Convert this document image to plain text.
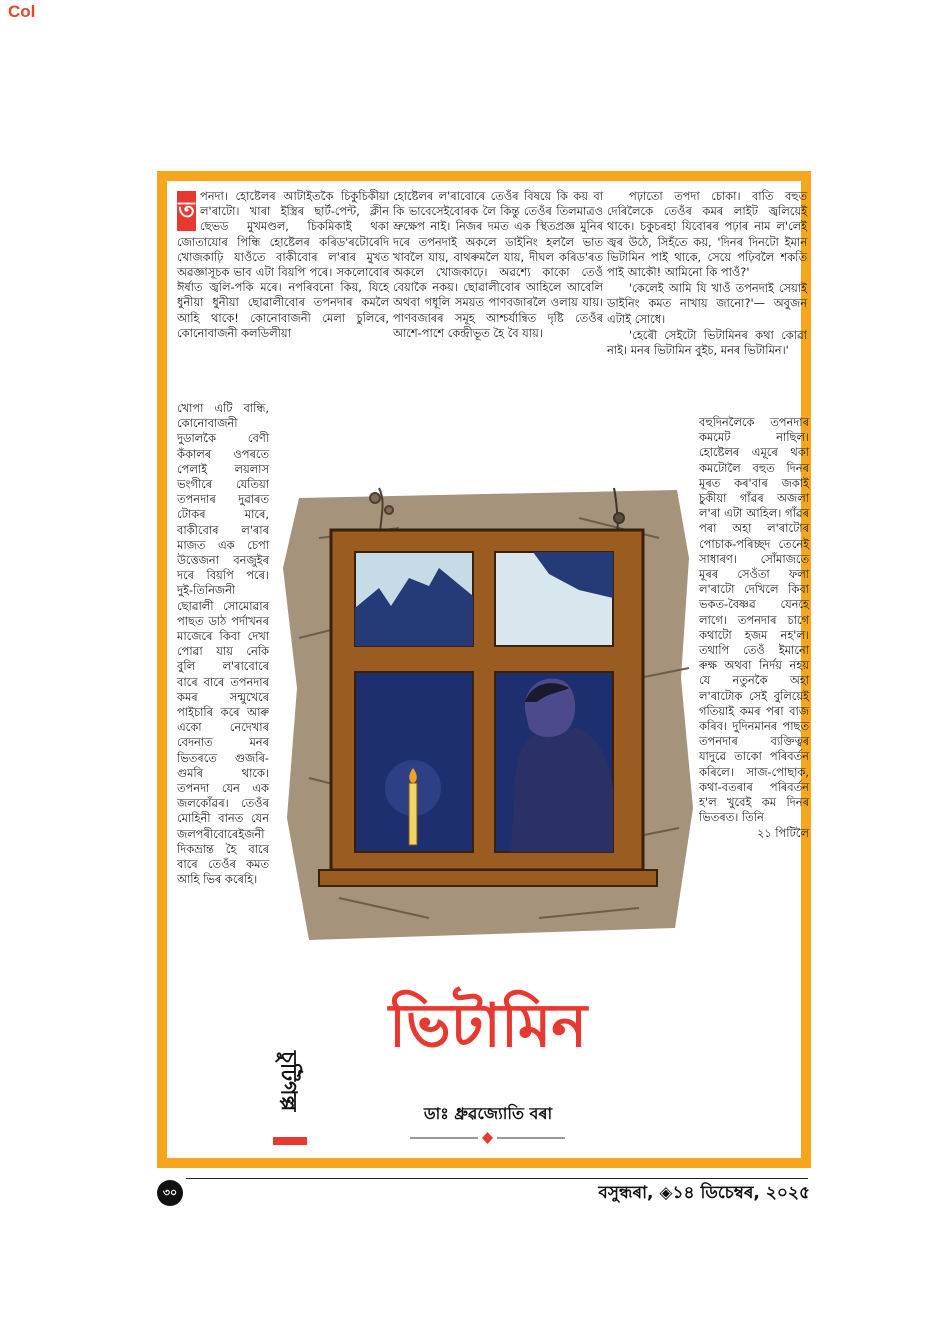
Col
ত

পনদা। হোষ্টেলৰ আটাইতকৈ চিকুচিকীয়া ল'ৰাটো। খাৰা ইস্ত্ৰিৰ ছাৰ্ট-পেন্ট, ক্লীন ছেভড মুখমণ্ডল, চিকমিকাই থকা জোতাযোৰ পিন্ধি হোষ্টেলৰ কৰিড'ৰটোৰেদি খোজকাঢ়ি যাওঁতে বাকীবোৰ ল'ৰাৰ মুখত অৱজ্ঞাসূচক ভাব এটা বিয়পি পৰে। সকলোবোৰ ঈৰ্ষাত জ্বলি-পকি মৰে। নপৰিবনো কিয়, যিহে ধুনীয়া ধুনীয়া ছোৱালীবোৰ তপনদাৰ কমলৈ আহি থাকে! কোনোবাজনী মেলা চুলিৰে, কোনোবাজনী কলডিলীয়া

খোপা এটি বান্ধি, কোনোবাজনী দুডালকৈ বেণী কঁকালৰ ওপৰতে পেলাই লয়লাস ভংগীৰে যেতিয়া তপনদাৰ দুৱাৰত টোকৰ মাৰে, বাকীবোৰ ল'ৰাৰ মাজত এক চেপা উত্তেজনা বনজুইৰ দৰে বিয়পি পৰে। দুই-তিনিজনী ছোৱালী সোমোৱাৰ পাছত ডাঠ পৰ্দাখনৰ মাজেৰে কিবা দেখা পোৱা যায় নেকি বুলি ল'ৰাবোৰে বাৰে বাৰে তপনদাৰ কমৰ সন্মুখেৰে পাইচাৰি কৰে আৰু একো নেদেখাৰ বেদনাত মনৰ ভিতৰতে গুজৰি-গুমৰি থাকে। তপনদা যেন এক জলকোঁৱৰ। তেওঁৰ মোহিনী বানত যেন জলপৰীবোৰেইজনী দিকভ্ৰান্ত হৈ বাৰে বাৰে তেওঁৰ কমত আহি ভিৰ কৰেহি।

হোষ্টেলৰ ল'ৰাবোৰে তেওঁৰ বিষয়ে কি কয় বা কি ভাবেসেইবোৰক লৈ কিন্তু তেওঁৰ তিলমাত্ৰও ভ্ৰুক্ষেপ নাই। নিজৰ দমত এক স্থিতপ্ৰজ্ঞ মুনিৰ দৰে তপনদাই অকলে ডাইনিং হললৈ ভাত খাবলৈ যায়, বাথৰুমলৈ যায়, দীঘল কৰিড'ৰত অকলে খোজকাঢ়ে। অৱশ্যে কাকো তেওঁ বেয়াকৈ নকয়। ছোৱালীবোৰ আহিলে আবেলি অথবা গধূলি সময়ত পাণবজাৰলৈ ওলায় যায়। পাণবজাৰৰ সমূহ আশ্চৰ্যান্বিত দৃষ্টি তেওঁৰ আশে-পাশে কেন্দ্ৰীভূত হৈ বৈ যায়।

পঢ়াতো তপদা চোকা। বাতি বহুত দেৰিলৈকে তেওঁৰ কমৰ লাইট জ্বলিয়েই থাকে। চকুচৰহা যিবোৰৰ পঢ়াৰ নাম ল'লেই জ্বৰ উঠে, সিহঁতে কয়, 'দিনৰ দিনটো ইমান ভিটামিন পাই থাকে, সেয়ে পঢ়িবলৈ শকতি পাই আকৌ! আমিনো কি পাওঁ?'

'কেলেই আমি যি খাওঁ তপনদাই সেয়াই ডাইনিং কমত নাখায় জানো?'— অবুজন এটাই সোধে।

'হেৰৌ সেইটো ভিটামিনৰ কথা কোৱা নাই। মনৰ ভিটামিন বুইচ, মনৰ ভিটামিন।'

বহুদিনলৈকে তপনদাৰ কমমেট নাছিল। হোষ্টেলৰ এমূৰে থকা কমটোলৈ বহুত দিনৰ মূৰত কৰ'বাৰ জকাই চুকীয়া গাঁৱৰ অজলা ল'ৰা এটা আহিল। গাঁৱৰ পৰা অহা ল'ৰাটোৰ পোচাক-পৰিচ্ছদ তেনেই সাধাৰণ। সোঁমাজতে মূৰৰ সেওঁতা ফলা ল'ৰাটো দেখিলে কিবা ভকত-বৈষ্ণৱ যেনহে লাগে। তপনদাৰ চাগে কথাটো হজম নহ'ল। তথাপি তেওঁ ইমানো ৰুক্ষ অথবা নিৰ্দয় নহয় যে নতুনকৈ অহা ল'ৰাটোক সেই বুলিয়েই গতিয়াই কমৰ পৰা বাজ কৰিব। দুদিনমানৰ পাছত তপনদাৰ ব্যক্তিত্বৰ যাদুৱে তাকো পৰিবৰ্তন কৰিলে। সাজ-পোছাক, কথা-বতৰাৰ পৰিবৰ্তন হ'ল খুবেই কম দিনৰ ভিতৰত। তিনি

২১ পিটিলৈ

ভিটামিন

ডাঃ ধ্ৰুৱজ্যোতি বৰা

চুটিগল্প
৩০	বসুন্ধৰা, ◈১৪ ডিচেম্বৰ, ২০২৫
